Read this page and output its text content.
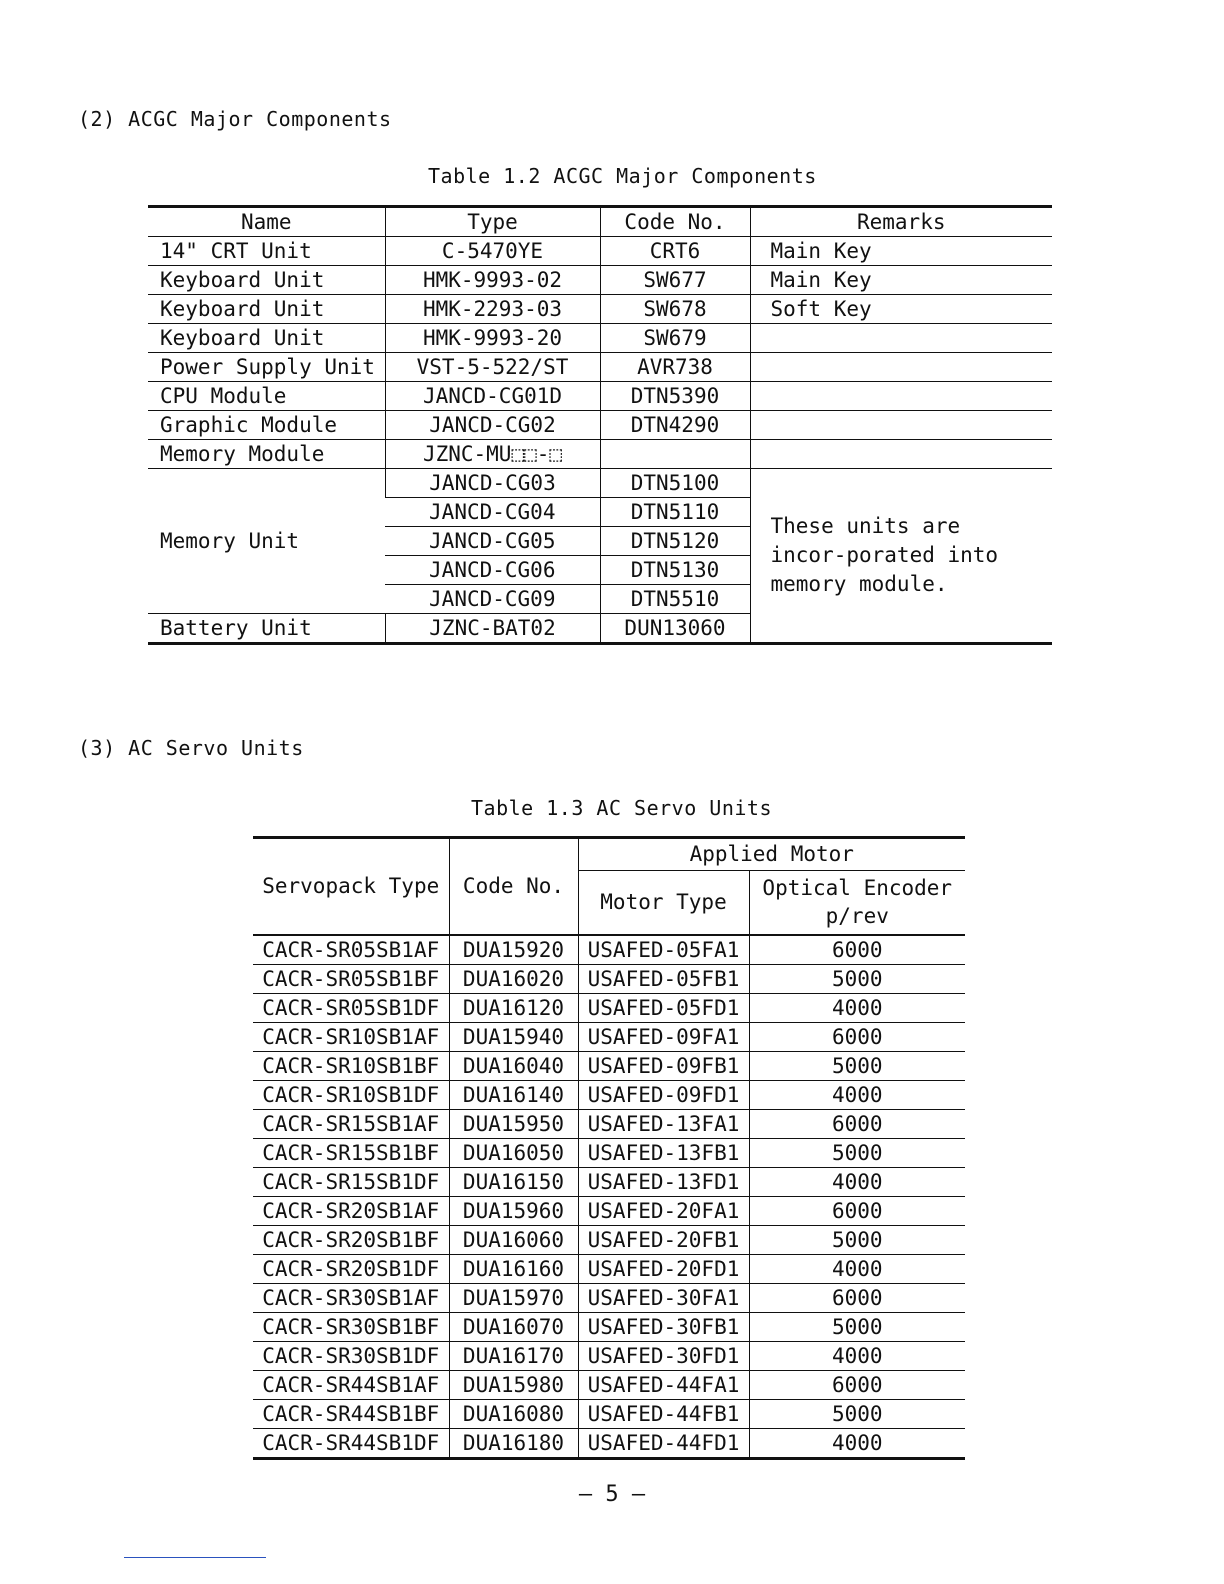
(2) ACGC Major Components
Table 1.2 ACGC Major Components
Name	Type	Code No.	Remarks
14" CRT Unit	C-5470YE	CRT6	Main Key
Keyboard Unit	HMK-9993-02	SW677	Main Key
Keyboard Unit	HMK-2293-03	SW678	Soft Key
Keyboard Unit	HMK-9993-20	SW679	
Power Supply Unit	VST-5-522/ST	AVR738	
CPU Module	JANCD-CG01D	DTN5390	
Graphic Module	JANCD-CG02	DTN4290	
Memory Module	JZNC-MU⬚⬚-⬚		
Memory Unit	JANCD-CG03	DTN5100	These units are incor-porated into memory module.
	JANCD-CG04	DTN5110	
	JANCD-CG05	DTN5120	
	JANCD-CG06	DTN5130	
	JANCD-CG09	DTN5510	
Battery Unit	JZNC-BAT02	DUN13060	
(3) AC Servo Units
Table 1.3 AC Servo Units
Servopack Type	Code No.	Applied Motor	
		Motor Type	Optical Encoder p/rev
CACR-SR05SB1AF	DUA15920	USAFED-05FA1	6000
CACR-SR05SB1BF	DUA16020	USAFED-05FB1	5000
CACR-SR05SB1DF	DUA16120	USAFED-05FD1	4000
CACR-SR10SB1AF	DUA15940	USAFED-09FA1	6000
CACR-SR10SB1BF	DUA16040	USAFED-09FB1	5000
CACR-SR10SB1DF	DUA16140	USAFED-09FD1	4000
CACR-SR15SB1AF	DUA15950	USAFED-13FA1	6000
CACR-SR15SB1BF	DUA16050	USAFED-13FB1	5000
CACR-SR15SB1DF	DUA16150	USAFED-13FD1	4000
CACR-SR20SB1AF	DUA15960	USAFED-20FA1	6000
CACR-SR20SB1BF	DUA16060	USAFED-20FB1	5000
CACR-SR20SB1DF	DUA16160	USAFED-20FD1	4000
CACR-SR30SB1AF	DUA15970	USAFED-30FA1	6000
CACR-SR30SB1BF	DUA16070	USAFED-30FB1	5000
CACR-SR30SB1DF	DUA16170	USAFED-30FD1	4000
CACR-SR44SB1AF	DUA15980	USAFED-44FA1	6000
CACR-SR44SB1BF	DUA16080	USAFED-44FB1	5000
CACR-SR44SB1DF	DUA16180	USAFED-44FD1	4000
– 5 –
